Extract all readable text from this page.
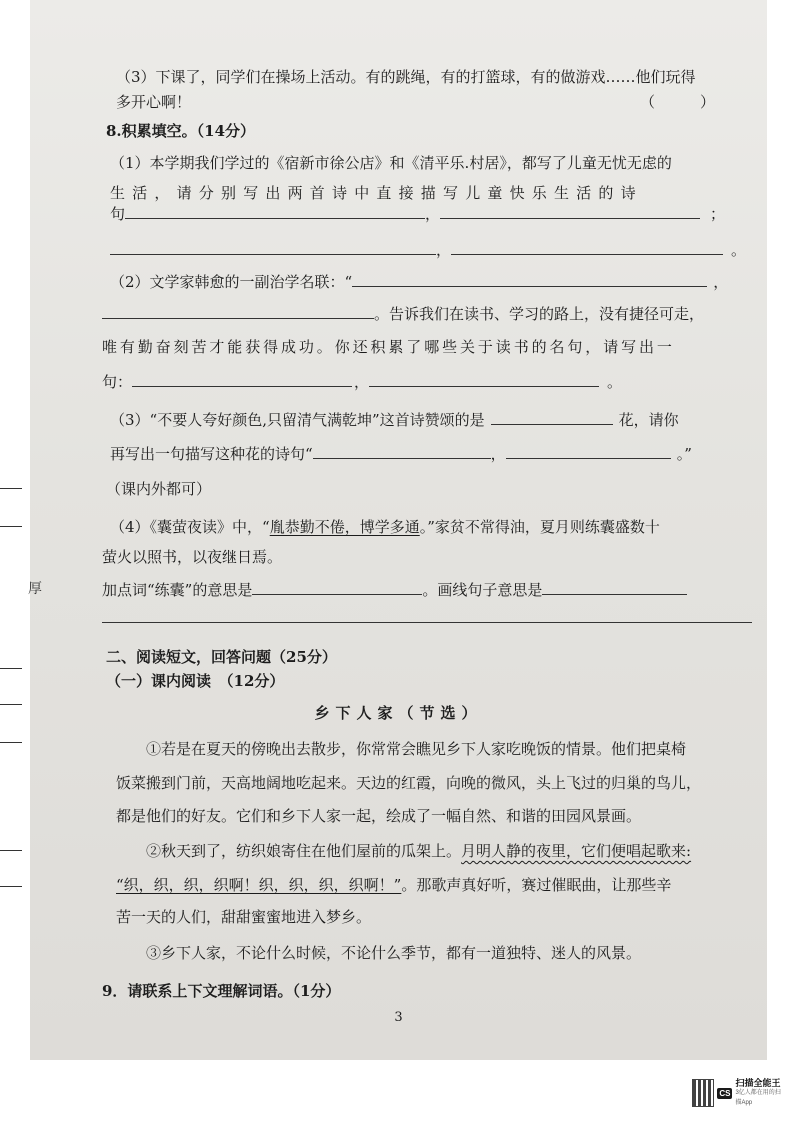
（3）下课了，同学们在操场上活动。有的跳绳，有的打篮球，有的做游戏……他们玩得
多开心啊！	（　　　）
8.积累填空。（14分）
（1）本学期我们学过的《宿新市徐公店》和《清平乐.村居》，都写了儿童无忧无虑的
生活，请分别写出两首诗中直接描写儿童快乐生活的诗
句	，	；
，	。
（2）文学家韩愈的一副治学名联：“	，
。告诉我们在读书、学习的路上，没有捷径可走，
唯有勤奋刻苦才能获得成功。你还积累了哪些关于读书的名句，请写出一
句：	，	。
（3）“不要人夸好颜色,只留清气满乾坤”这首诗赞颂的是	花，请你
再写出一句描写这种花的诗句“	，	。”
（课内外都可）
（4）《囊萤夜读》中，“胤恭勤不倦，博学多通。”家贫不常得油，夏月则练囊盛数十
萤火以照书，以夜继日焉。
加点词“练囊”的意思是	。画线句子意思是
二、阅读短文，回答问题（25分）
（一）课内阅读　（12分）
乡下人家（节选）
①若是在夏天的傍晚出去散步，你常常会瞧见乡下人家吃晚饭的情景。他们把桌椅
饭菜搬到门前，天高地阔地吃起来。天边的红霞，向晚的微风，头上飞过的归巢的鸟儿，
都是他们的好友。它们和乡下人家一起，绘成了一幅自然、和谐的田园风景画。
②秋天到了，纺织娘寄住在他们屋前的瓜架上。月明人静的夜里，它们便唱起歌来:
“织，织，织，织啊！织，织，织，织啊！”。那歌声真好听，赛过催眠曲，让那些辛
苦一天的人们，甜甜蜜蜜地进入梦乡。
③乡下人家，不论什么时候，不论什么季节，都有一道独特、迷人的风景。
9．请联系上下文理解词语。（1分）
3
厚
CS
扫描全能王
3亿人都在用的扫描App
